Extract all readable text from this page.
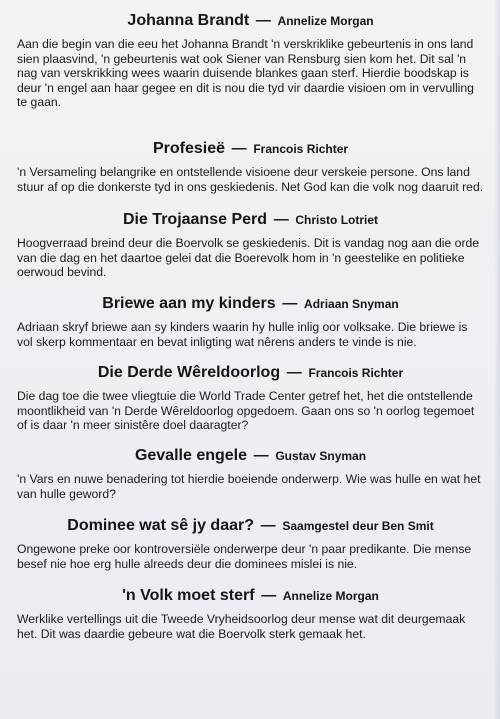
Johanna Brandt — Annelize Morgan

Aan die begin van die eeu het Johanna Brandt 'n verskriklike gebeurtenis in ons land sien plaasvind, 'n gebeurtenis wat ook Siener van Rensburg sien kom het. Dit sal 'n nag van verskrikking wees waarin duisende blankes gaan sterf. Hierdie boodskap is deur 'n engel aan haar gegee en dit is nou die tyd vir daardie visioen om in vervulling te gaan.

Profesieë — Francois Richter

'n Versameling belangrike en ontstellende visioene deur verskeie persone. Ons land stuur af op die donkerste tyd in ons geskiedenis. Net God kan die volk nog daaruit red.

Die Trojaanse Perd — Christo Lotriet

Hoogverraad breind deur die Boervolk se geskiedenis. Dit is vandag nog aan die orde van die dag en het daartoe gelei dat die Boerevolk hom in 'n geestelike en politieke oerwoud bevind.

Briewe aan my kinders — Adriaan Snyman

Adriaan skryf briewe aan sy kinders waarin hy hulle inlig oor volksake. Die briewe is vol skerp kommentaar en bevat inligting wat nêrens anders te vinde is nie.

Die Derde Wêreldoorlog — Francois Richter

Die dag toe die twee vliegtuie die World Trade Center getref het, het die ontstellende moontlikheid van 'n Derde Wêreldoorlog opgedoem. Gaan ons so 'n oorlog tegemoet of is daar 'n meer sinistêre doel daaragter?

Gevalle engele — Gustav Snyman

'n Vars en nuwe benadering tot hierdie boeiende onderwerp. Wie was hulle en wat het van hulle geword?

Dominee wat sê jy daar? — Saamgestel deur Ben Smit

Ongewone preke oor kontroversiële onderwerpe deur 'n paar predikante. Die mense besef nie hoe erg hulle alreeds deur die dominees mislei is nie.

'n Volk moet sterf — Annelize Morgan

Werklike vertellings uit die Tweede Vryheidsoorlog deur mense wat dit deurgemaak het. Dit was daardie gebeure wat die Boervolk sterk gemaak het.
